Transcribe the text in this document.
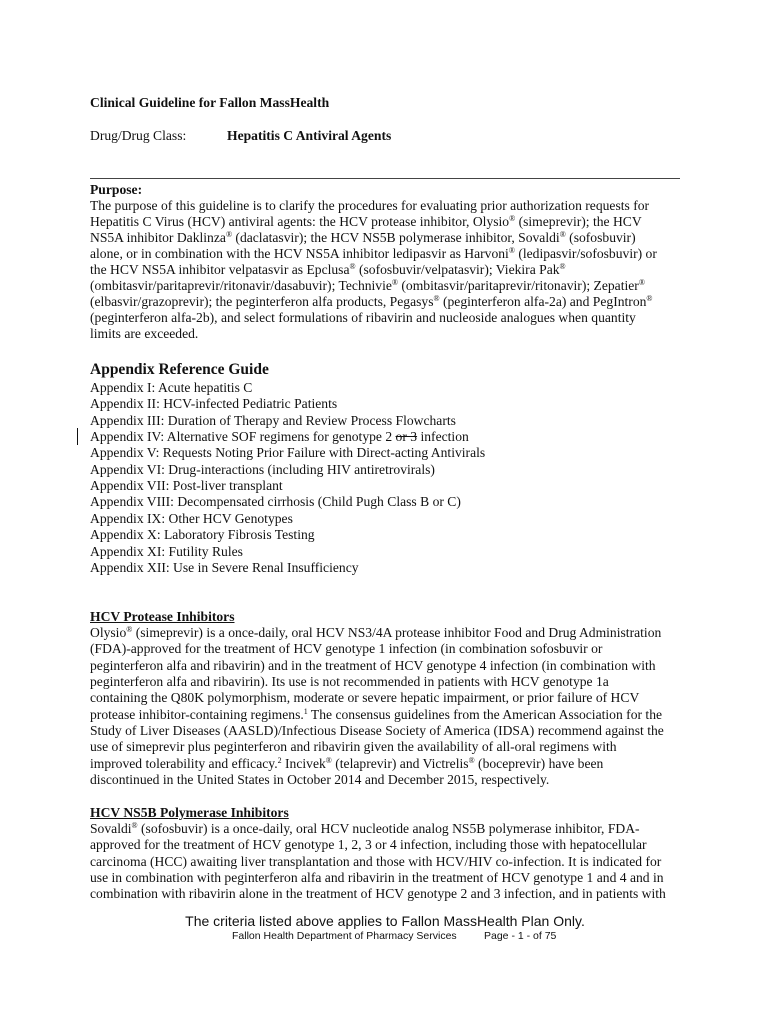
Clinical Guideline for Fallon MassHealth
Drug/Drug Class:	Hepatitis C Antiviral Agents
Purpose:
The purpose of this guideline is to clarify the procedures for evaluating prior authorization requests for
Hepatitis C Virus (HCV) antiviral agents: the HCV protease inhibitor, Olysio® (simeprevir); the HCV
NS5A inhibitor Daklinza® (daclatasvir); the HCV NS5B polymerase inhibitor, Sovaldi® (sofosbuvir)
alone, or in combination with the HCV NS5A inhibitor ledipasvir as Harvoni® (ledipasvir/sofosbuvir) or
the HCV NS5A inhibitor velpatasvir as Epclusa® (sofosbuvir/velpatasvir); Viekira Pak®
(ombitasvir/paritaprevir/ritonavir/dasabuvir); Technivie® (ombitasvir/paritaprevir/ritonavir); Zepatier®
(elbasvir/grazoprevir); the peginterferon alfa products, Pegasys® (peginterferon alfa-2a) and PegIntron®
(peginterferon alfa-2b), and select formulations of ribavirin and nucleoside analogues when quantity
limits are exceeded.
Appendix Reference Guide
Appendix I: Acute hepatitis C
Appendix II: HCV-infected Pediatric Patients
Appendix III: Duration of Therapy and Review Process Flowcharts
Appendix IV: Alternative SOF regimens for genotype 2 or 3 infection
Appendix V: Requests Noting Prior Failure with Direct-acting Antivirals
Appendix VI: Drug-interactions (including HIV antiretrovirals)
Appendix VII: Post-liver transplant
Appendix VIII: Decompensated cirrhosis (Child Pugh Class B or C)
Appendix IX: Other HCV Genotypes
Appendix X: Laboratory Fibrosis Testing
Appendix XI: Futility Rules
Appendix XII: Use in Severe Renal Insufficiency
HCV Protease Inhibitors
Olysio® (simeprevir) is a once-daily, oral HCV NS3/4A protease inhibitor Food and Drug Administration
(FDA)-approved for the treatment of HCV genotype 1 infection (in combination sofosbuvir or
peginterferon alfa and ribavirin) and in the treatment of HCV genotype 4 infection (in combination with
peginterferon alfa and ribavirin). Its use is not recommended in patients with HCV genotype 1a
containing the Q80K polymorphism, moderate or severe hepatic impairment, or prior failure of HCV
protease inhibitor-containing regimens.$^1$ The consensus guidelines from the American Association for the
Study of Liver Diseases (AASLD)/Infectious Disease Society of America (IDSA) recommend against the
use of simeprevir plus peginterferon and ribavirin given the availability of all-oral regimens with
improved tolerability and efficacy.$^2$ Incivek® (telaprevir) and Victrelis® (boceprevir) have been
discontinued in the United States in October 2014 and December 2015, respectively.
HCV NS5B Polymerase Inhibitors
Sovaldi® (sofosbuvir) is a once-daily, oral HCV nucleotide analog NS5B polymerase inhibitor, FDA-
approved for the treatment of HCV genotype 1, 2, 3 or 4 infection, including those with hepatocellular
carcinoma (HCC) awaiting liver transplantation and those with HCV/HIV co-infection. It is indicated for
use in combination with peginterferon alfa and ribavirin in the treatment of HCV genotype 1 and 4 and in
combination with ribavirin alone in the treatment of HCV genotype 2 and 3 infection, and in patients with
The criteria listed above applies to Fallon MassHealth Plan Only.
Fallon Health Department of Pharmacy Services	Page - 1 - of 75
